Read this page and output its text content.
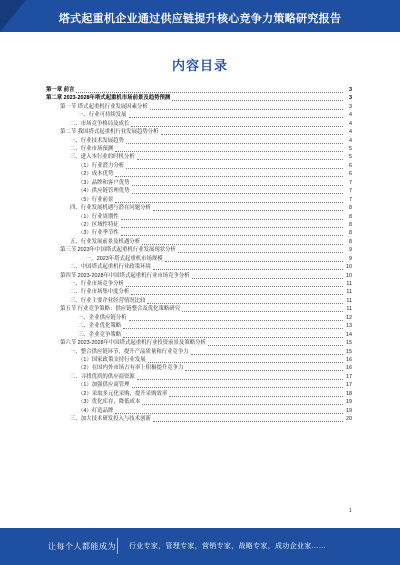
塔式起重机企业通过供应链提升核心竞争力策略研究报告
内容目录
第一章 前言	3
第二章 2023-2028年塔式起重机市场前景及趋势预测	3
第一节 塔式起重机行业发展因素分析	3
一、行业可持续发展	4
二、市场竞争格局及成长	4
第二节 我国塔式起重机行业发展趋势分析	4
一、行业技术发展趋势	4
二、行业市场预测	5
三、进入本行业的时机分析	5
（1）行业潜力分析	6
（2）成本优势	6
（3）品牌和客户优势	7
（4）供应链管理优势	7
（5）行业前景	7
四、行业发展机遇与潜在问题分析	8
（1）行业周期性	8
（2）区域性特征	8
（3）行业季节性	8
五、行业发展前景及机遇分析	8
第三节 2023年中国塔式起重机行业发展现状分析	9
一、2023年塔式起重机市场规模	9
二、中国塔式起重机行业政策环境	10
第四节 2023-2028年中国塔式起重机行业市场竞争分析	10
一、行业市场竞争分析	11
二、行业市场集中度分析	11
三、行业主要企业经营情况比较	11
第五节 行业竞争策略：供应链整合及优化策略研究	11
一、企业供应链分析	12
二、企业优化策略	13
三、企业竞争策略	14
第六节 2023-2028年中国塔式起重机行业投资前景及策略分析	15
一、整合供应链环节，提升产品质量和行业竞争力	15
（1）国家政策支持行业发展	16
（2）在国内外市场占有率上积极提升竞争力	16
二、寻找优质的供应商资源	17
（1）加强供应商管理	17
（2）采取多元化采购，提升采购效率	18
（3）优化库存，降低成本	19
（4）打造品牌	19
三、加大技术研发投入与技术创新	20
1
让每个人都能成为 行业专家，管理专家，营销专家，战略专家，成功企业家……
